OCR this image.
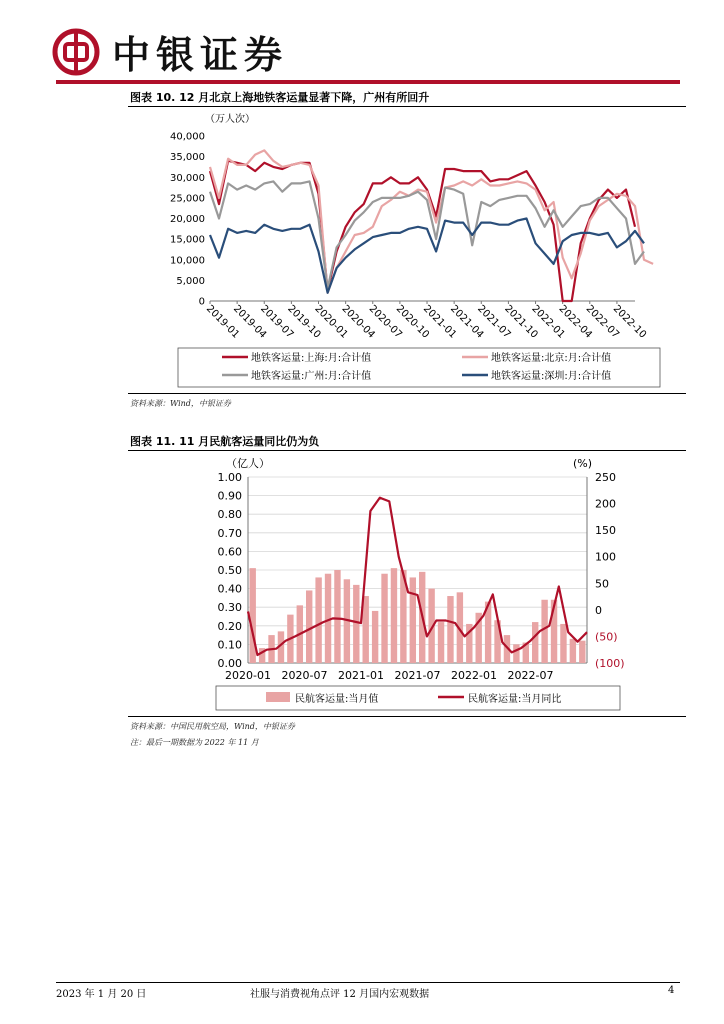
中银证券
图表 10. 12 月北京上海地铁客运量显著下降，广州有所回升
（万人次）
0
5,000
10,000
15,000
20,000
25,000
30,000
35,000
40,000
2019-01
2019-04
2019-07
2019-10
2020-01
2020-04
2020-07
2020-10
2021-01
2021-04
2021-07
2021-10
2022-01
2022-04
2022-07
2022-10
地铁客运量:上海:月:合计值	地铁客运量:北京:月:合计值
地铁客运量:广州:月:合计值	地铁客运量:深圳:月:合计值
资料来源：Wind，中银证券
图表 11. 11 月民航客运量同比仍为负
（亿人）	(%)
0.00
0.10
0.20
0.30
0.40
0.50
0.60
0.70
0.80
0.90
1.00
(100)
(50)
0
50
100
150
200
250
2020-01 2020-07 2021-01 2021-07 2022-01 2022-07
民航客运量:当月值	民航客运量:当月同比
资料来源：中国民用航空局，Wind，中银证券
注：最后一期数据为 2022 年 11 月
2023 年 1 月 20 日	社服与消费视角点评 12 月国内宏观数据	4
